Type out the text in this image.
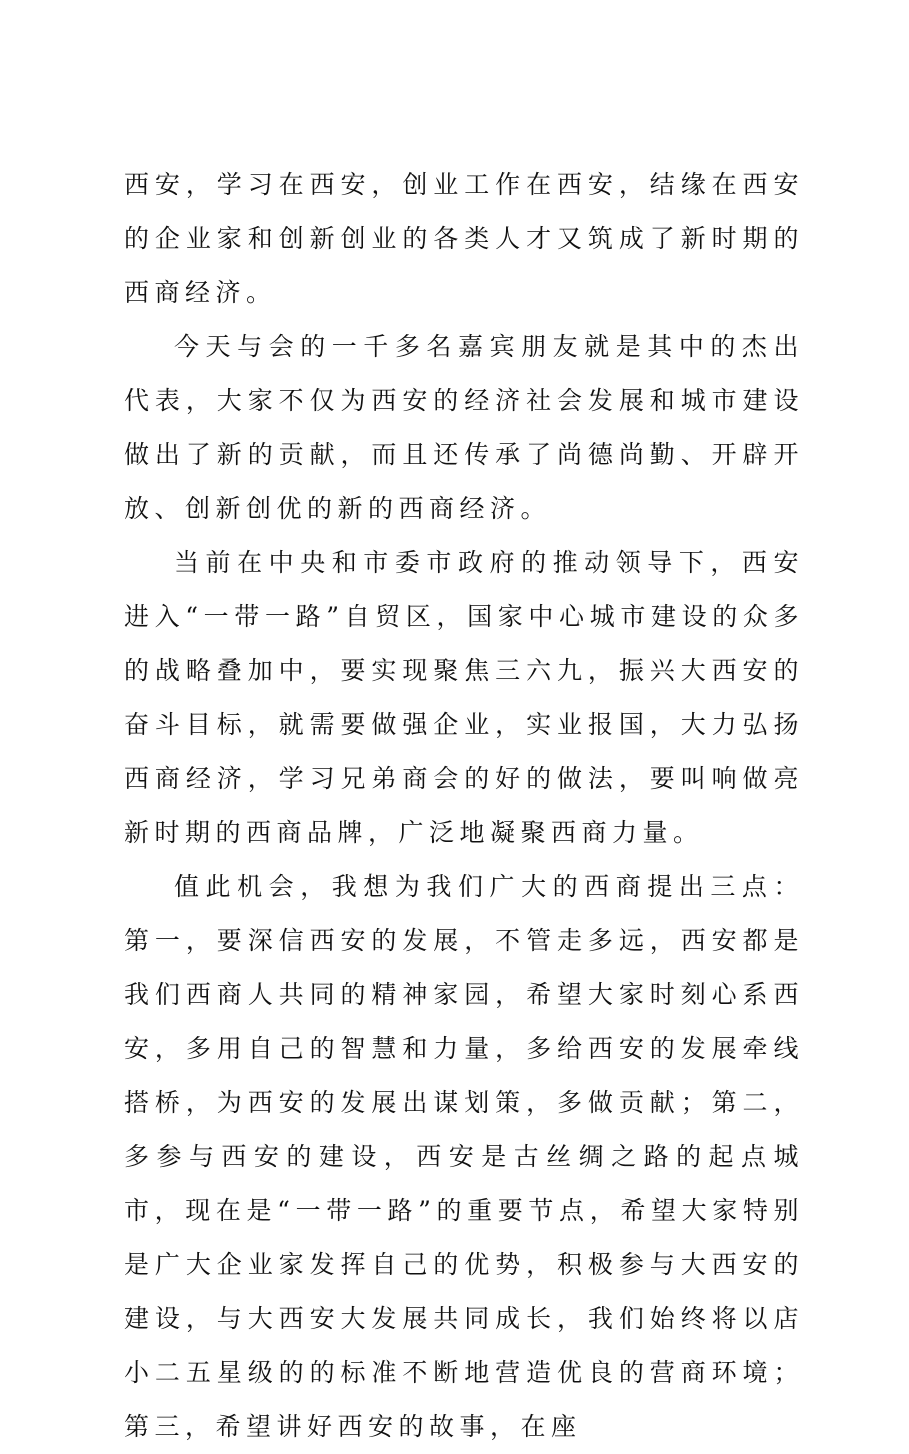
西安，学习在西安，创业工作在西安，结缘在西安的企业家和创新创业的各类人才又筑成了新时期的西商经济。

今天与会的一千多名嘉宾朋友就是其中的杰出代表，大家不仅为西安的经济社会发展和城市建设做出了新的贡献，而且还传承了尚德尚勤、开辟开放、创新创优的新的西商经济。

当前在中央和市委市政府的推动领导下，西安进入“一带一路”自贸区，国家中心城市建设的众多的战略叠加中，要实现聚焦三六九，振兴大西安的奋斗目标，就需要做强企业，实业报国，大力弘扬西商经济，学习兄弟商会的好的做法，要叫响做亮新时期的西商品牌，广泛地凝聚西商力量。

值此机会，我想为我们广大的西商提出三点：第一，要深信西安的发展，不管走多远，西安都是我们西商人共同的精神家园，希望大家时刻心系西安，多用自己的智慧和力量，多给西安的发展牵线搭桥，为西安的发展出谋划策，多做贡献；第二，多参与西安的建设，西安是古丝绸之路的起点城市，现在是“一带一路”的重要节点，希望大家特别是广大企业家发挥自己的优势，积极参与大西安的建设，与大西安大发展共同成长，我们始终将以店小二五星级的的标准不断地营造优良的营商环境；第三，希望讲好西安的故事，在座
